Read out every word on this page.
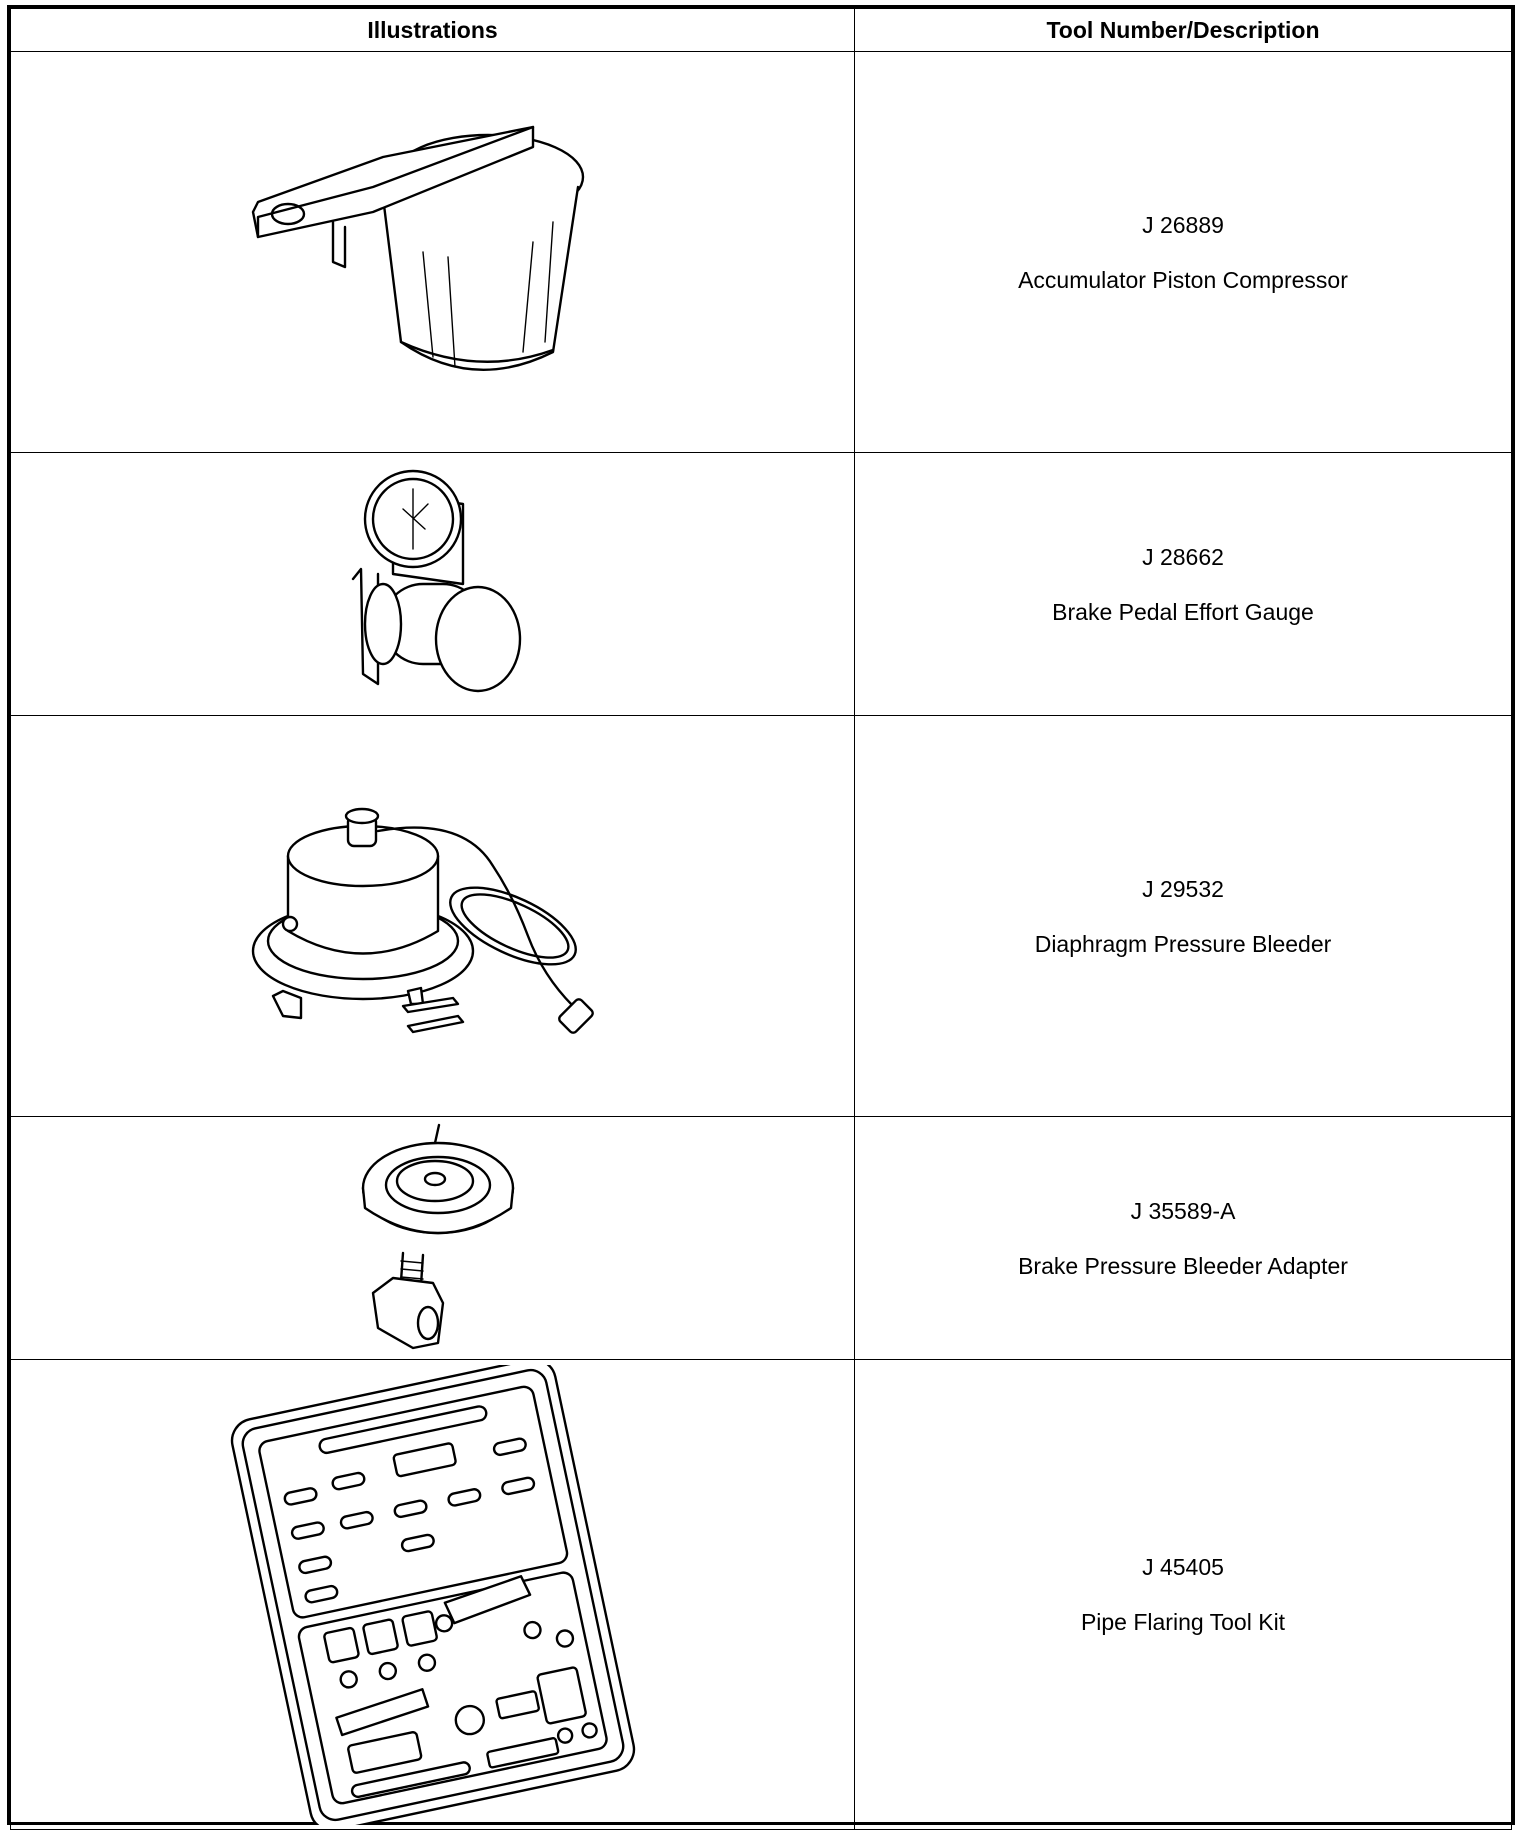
Illustrations	Tool Number/Description

J 26889
Accumulator Piston Compressor

J 28662
Brake Pedal Effort Gauge

J 29532
Diaphragm Pressure Bleeder

J 35589-A
Brake Pressure Bleeder Adapter

J 45405
Pipe Flaring Tool Kit
